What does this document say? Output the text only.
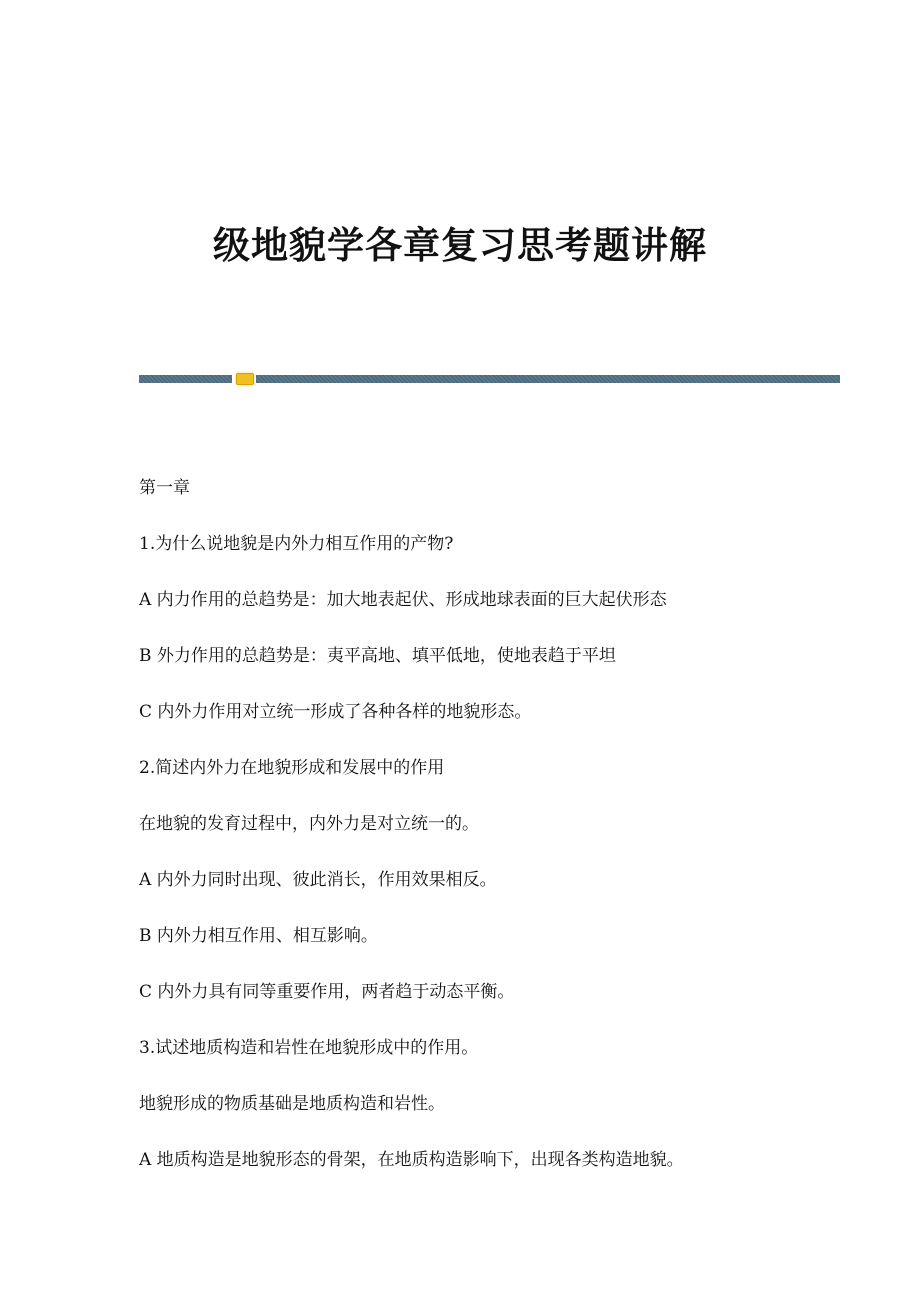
级地貌学各章复习思考题讲解
第一章
1.为什么说地貌是内外力相互作用的产物?
A 内力作用的总趋势是：加大地表起伏、形成地球表面的巨大起伏形态
B 外力作用的总趋势是：夷平高地、填平低地，使地表趋于平坦
C 内外力作用对立统一形成了各种各样的地貌形态。
2.简述内外力在地貌形成和发展中的作用
在地貌的发育过程中，内外力是对立统一的。
A 内外力同时出现、彼此消长，作用效果相反。
B 内外力相互作用、相互影响。
C 内外力具有同等重要作用，两者趋于动态平衡。
3.试述地质构造和岩性在地貌形成中的作用。
地貌形成的物质基础是地质构造和岩性。
A 地质构造是地貌形态的骨架，在地质构造影响下，出现各类构造地貌。
